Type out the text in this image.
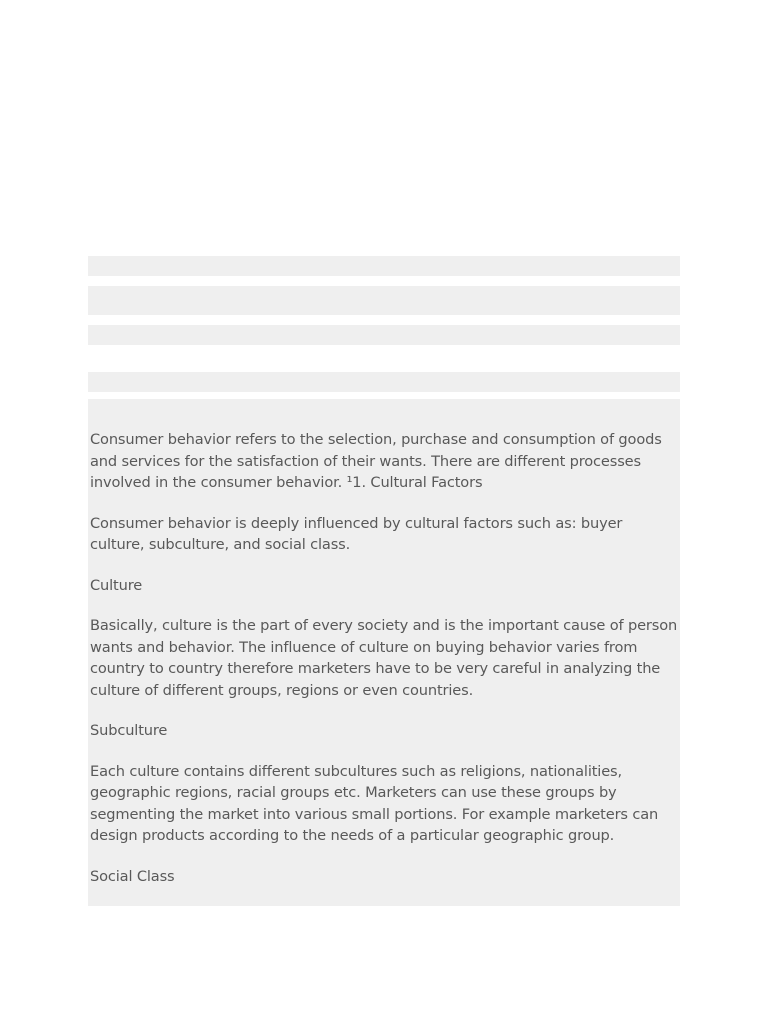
Consumer behavior refers to the selection, purchase and consumption of goods and services for the satisfaction of their wants. There are different processes involved in the consumer behavior. ¹1. Cultural Factors

Consumer behavior is deeply influenced by cultural factors such as: buyer culture, subculture, and social class.

Culture

Basically, culture is the part of every society and is the important cause of person wants and behavior. The influence of culture on buying behavior varies from country to country therefore marketers have to be very careful in analyzing the culture of different groups, regions or even countries.

Subculture

Each culture contains different subcultures such as religions, nationalities, geographic regions, racial groups etc. Marketers can use these groups by segmenting the market into various small portions. For example marketers can design products according to the needs of a particular geographic group.

Social Class
